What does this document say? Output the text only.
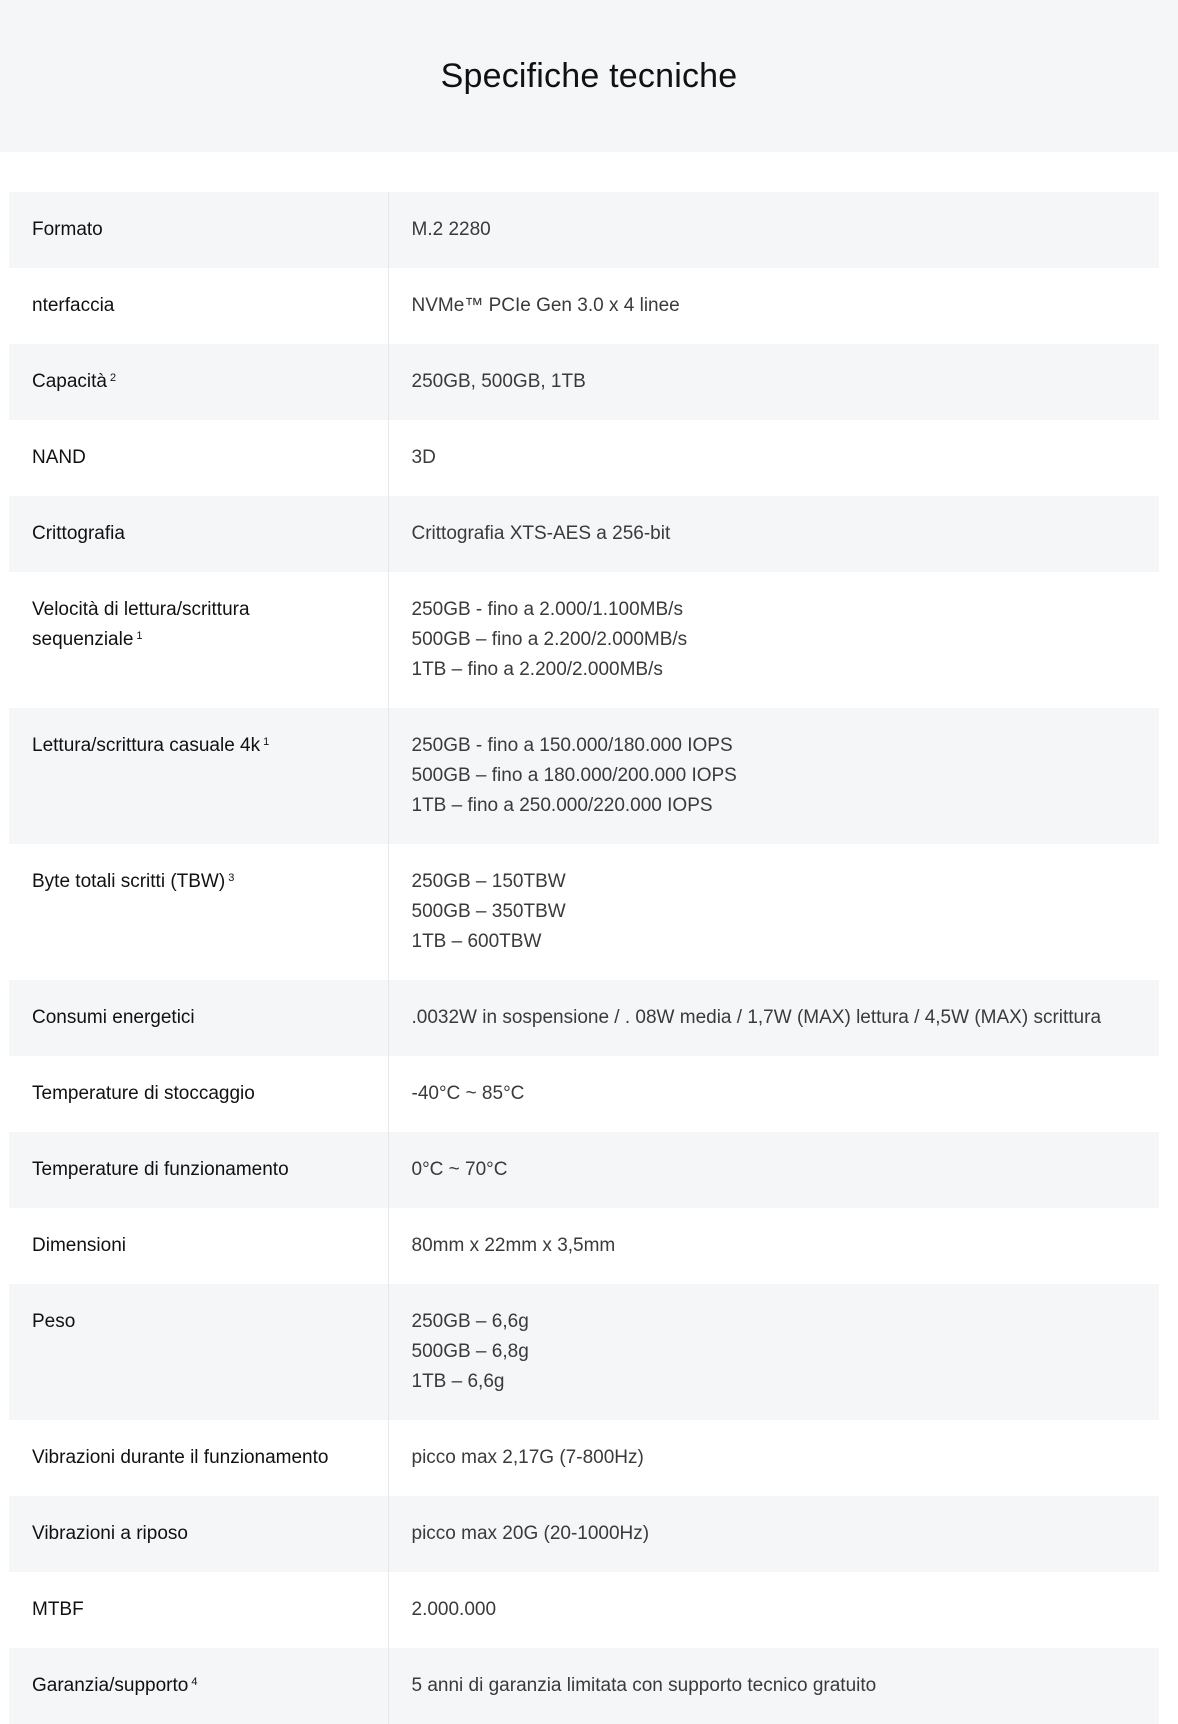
Specifiche tecniche
Formato	M.2 2280

nterfaccia	NVMe™ PCIe Gen 3.0 x 4 linee

Capacità $^2$	250GB, 500GB, 1TB

NAND	3D

Crittografia	Crittografia XTS-AES a 256-bit

Velocità di lettura/scrittura sequenziale $^1$	250GB - fino a 2.000/1.100MB/s
500GB – fino a 2.200/2.000MB/s
1TB – fino a 2.200/2.000MB/s

Lettura/scrittura casuale 4k $^1$	250GB - fino a 150.000/180.000 IOPS
500GB – fino a 180.000/200.000 IOPS
1TB – fino a 250.000/220.000 IOPS

Byte totali scritti (TBW) $^3$	250GB – 150TBW
500GB – 350TBW
1TB – 600TBW

Consumi energetici	.0032W in sospensione / . 08W media / 1,7W (MAX) lettura / 4,5W (MAX) scrittura

Temperature di stoccaggio	-40°C ~ 85°C

Temperature di funzionamento	0°C ~ 70°C

Dimensioni	80mm x 22mm x 3,5mm

Peso	250GB – 6,6g
500GB – 6,8g
1TB – 6,6g

Vibrazioni durante il funzionamento	picco max 2,17G (7-800Hz)

Vibrazioni a riposo	picco max 20G (20-1000Hz)

MTBF	2.000.000

Garanzia/supporto $^4$	5 anni di garanzia limitata con supporto tecnico gratuito
